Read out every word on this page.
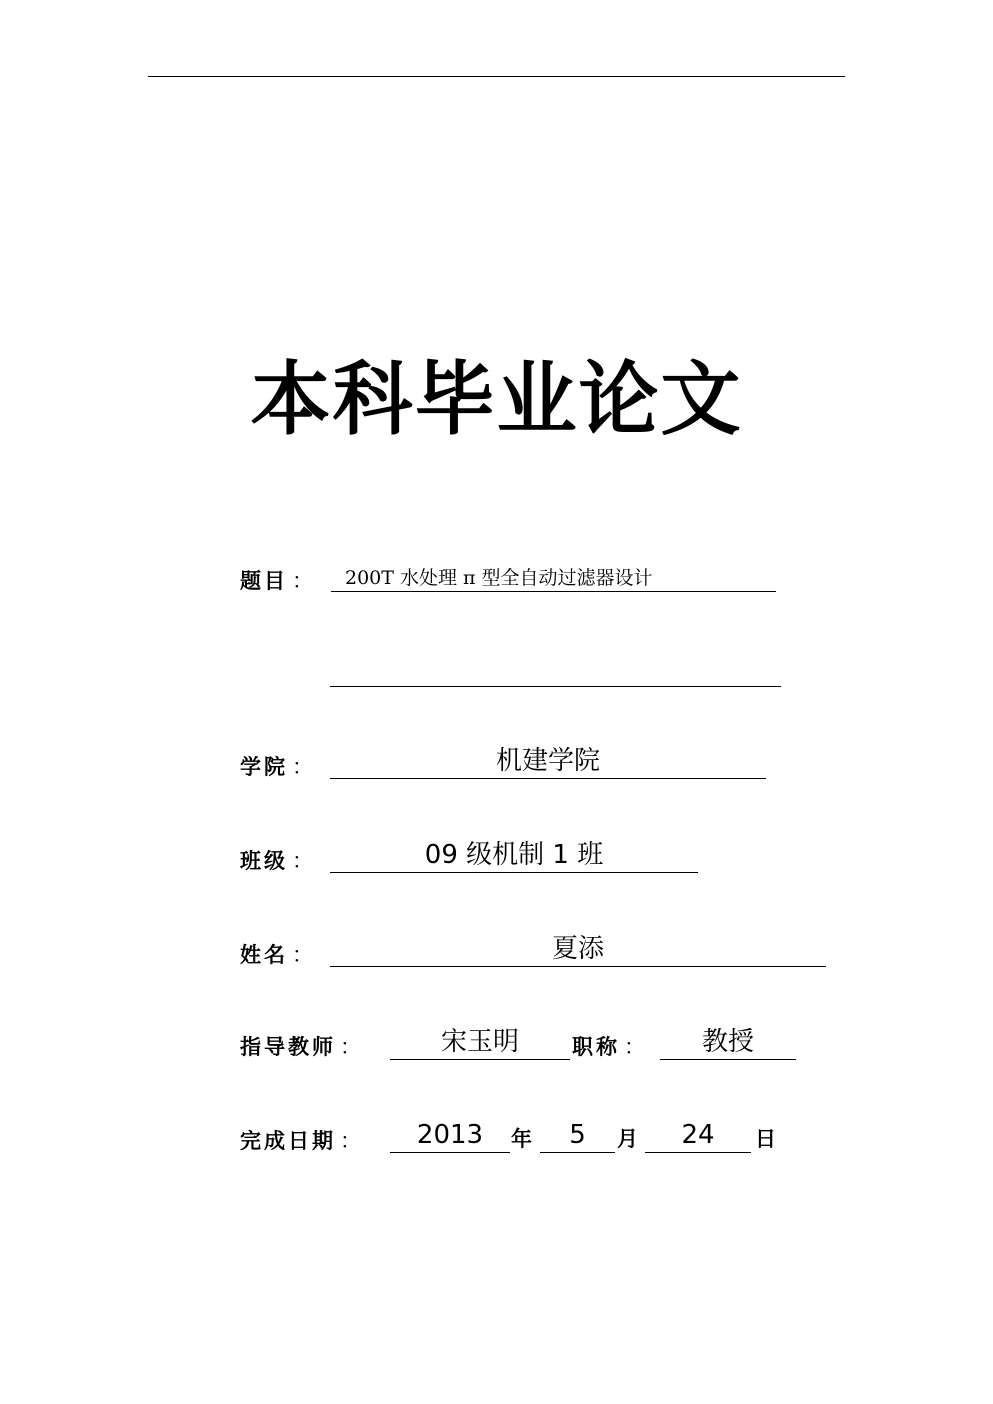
本科毕业论文
题目 ：	200T 水处理 π 型全自动过滤器设计
学院 ：	机建学院
班级 ：	09 级机制 1 班
姓名 ：	夏添
指导教师 ：	宋玉明	职称 ：	教授
完成日期 ：	2013	年	5	月	24	日
